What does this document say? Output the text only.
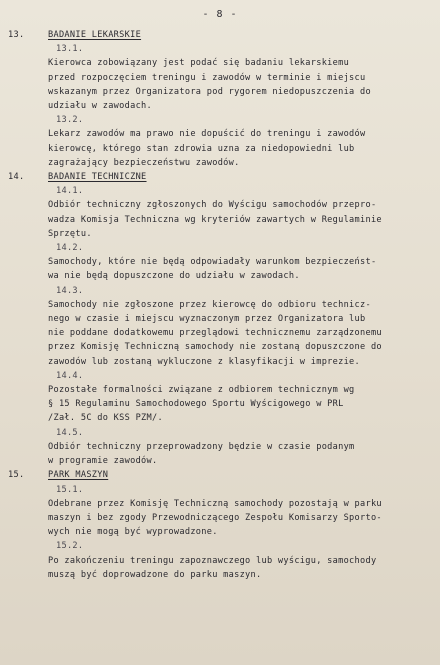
- 8 -
13.	BADANIE LEKARSKIE
13.1.
Kierowca zobowiązany jest podać się badaniu lekarskiemu
przed rozpoczęciem treningu i zawodów w terminie i miejscu
wskazanym przez Organizatora pod rygorem niedopuszczenia do
udziału w zawodach.
13.2.
Lekarz zawodów ma prawo nie dopuścić do treningu i zawodów
kierowcę, którego stan zdrowia uzna za niedopowiedni lub
zagrażający bezpieczeństwu zawodów.
14.	BADANIE TECHNICZNE
14.1.
Odbiór techniczny zgłoszonych do Wyścigu samochodów przepro-
wadza Komisja Techniczna wg kryteriów zawartych w Regulaminie
Sprzętu.
14.2.
Samochody, które nie będą odpowiadały warunkom bezpieczeńst-
wa nie będą dopuszczone do udziału w zawodach.
14.3.
Samochody nie zgłoszone przez kierowcę do odbioru technicz-
nego w czasie i miejscu wyznaczonym przez Organizatora lub
nie poddane dodatkowemu przeglądowi technicznemu zarządzonemu
przez Komisję Techniczną samochody nie zostaną dopuszczone do
zawodów lub zostaną wykluczone z klasyfikacji w imprezie.
14.4.
Pozostałe formalności związane z odbiorem technicznym wg
§ 15 Regulaminu Samochodowego Sportu Wyścigowego w PRL
/Zał. 5C do KSS PZM/.
14.5.
Odbiór techniczny przeprowadzony będzie w czasie podanym
w programie zawodów.
15.	PARK MASZYN
15.1.
Odebrane przez Komisję Techniczną samochody pozostają w parku
maszyn i bez zgody Przewodniczącego Zespołu Komisarzy Sporto-
wych nie mogą być wyprowadzone.
15.2.
Po zakończeniu treningu zapoznawczego lub wyścigu, samochody
muszą być doprowadzone do parku maszyn.
